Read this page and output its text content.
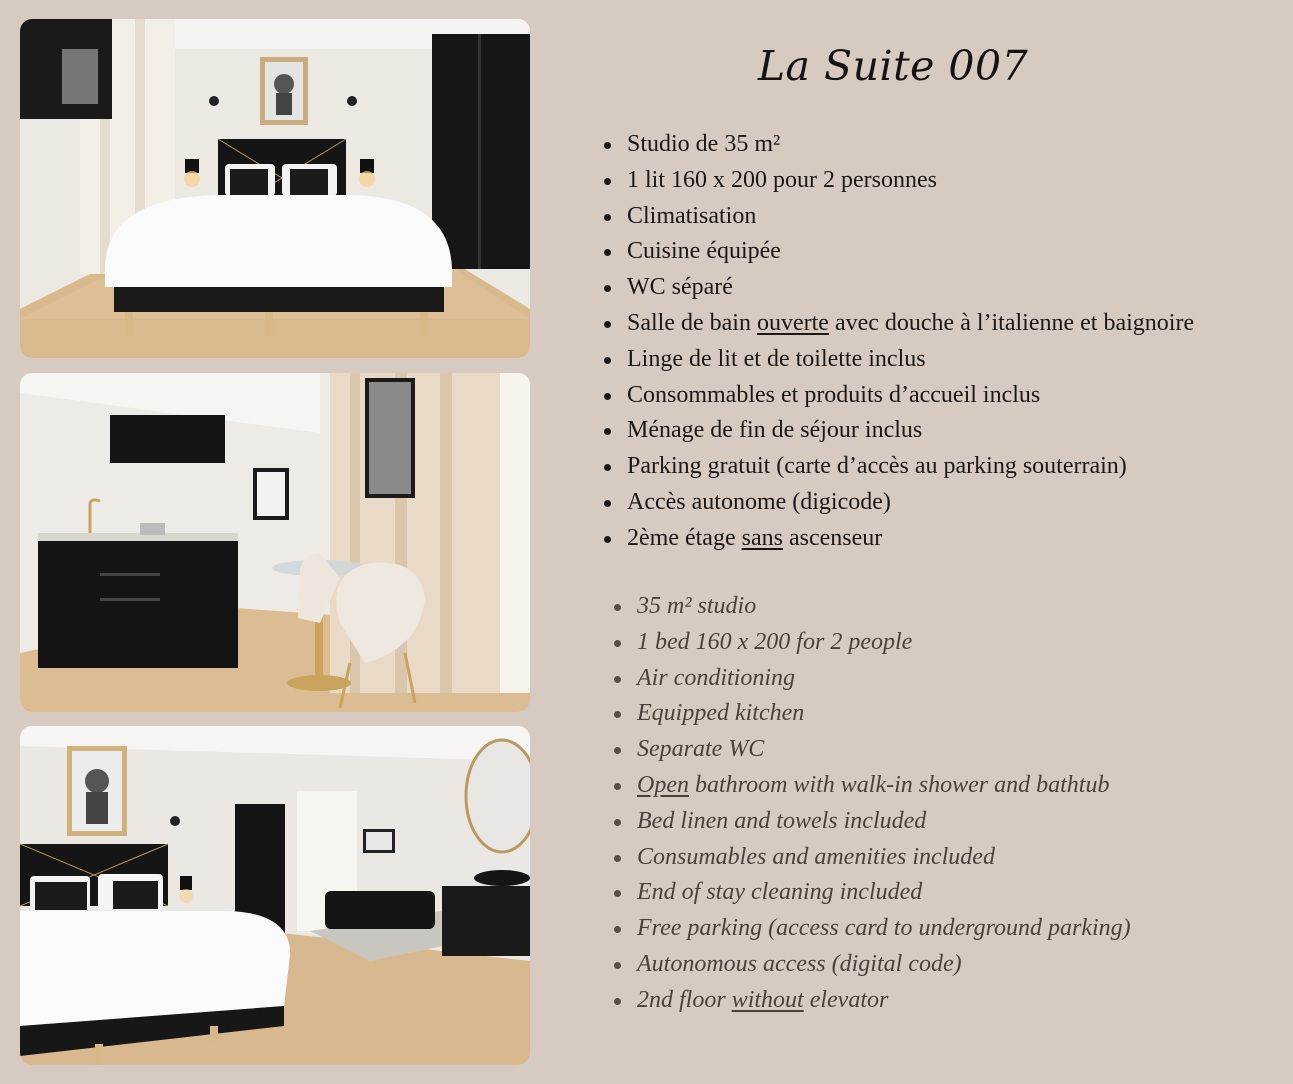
La Suite 007
Studio de 35 m²
1 lit 160 x 200 pour 2 personnes
Climatisation
Cuisine équipée
WC séparé
Salle de bain ouverte avec douche à l’italienne et baignoire
Linge de lit et de toilette inclus
Consommables et produits d’accueil inclus
Ménage de fin de séjour inclus
Parking gratuit (carte d’accès au parking souterrain)
Accès autonome (digicode)
2ème étage sans ascenseur
35 m² studio
1 bed 160 x 200 for 2 people
Air conditioning
Equipped kitchen
Separate WC
Open bathroom with walk-in shower and bathtub
Bed linen and towels included
Consumables and amenities included
End of stay cleaning included
Free parking (access card to underground parking)
Autonomous access (digital code)
2nd floor without elevator
